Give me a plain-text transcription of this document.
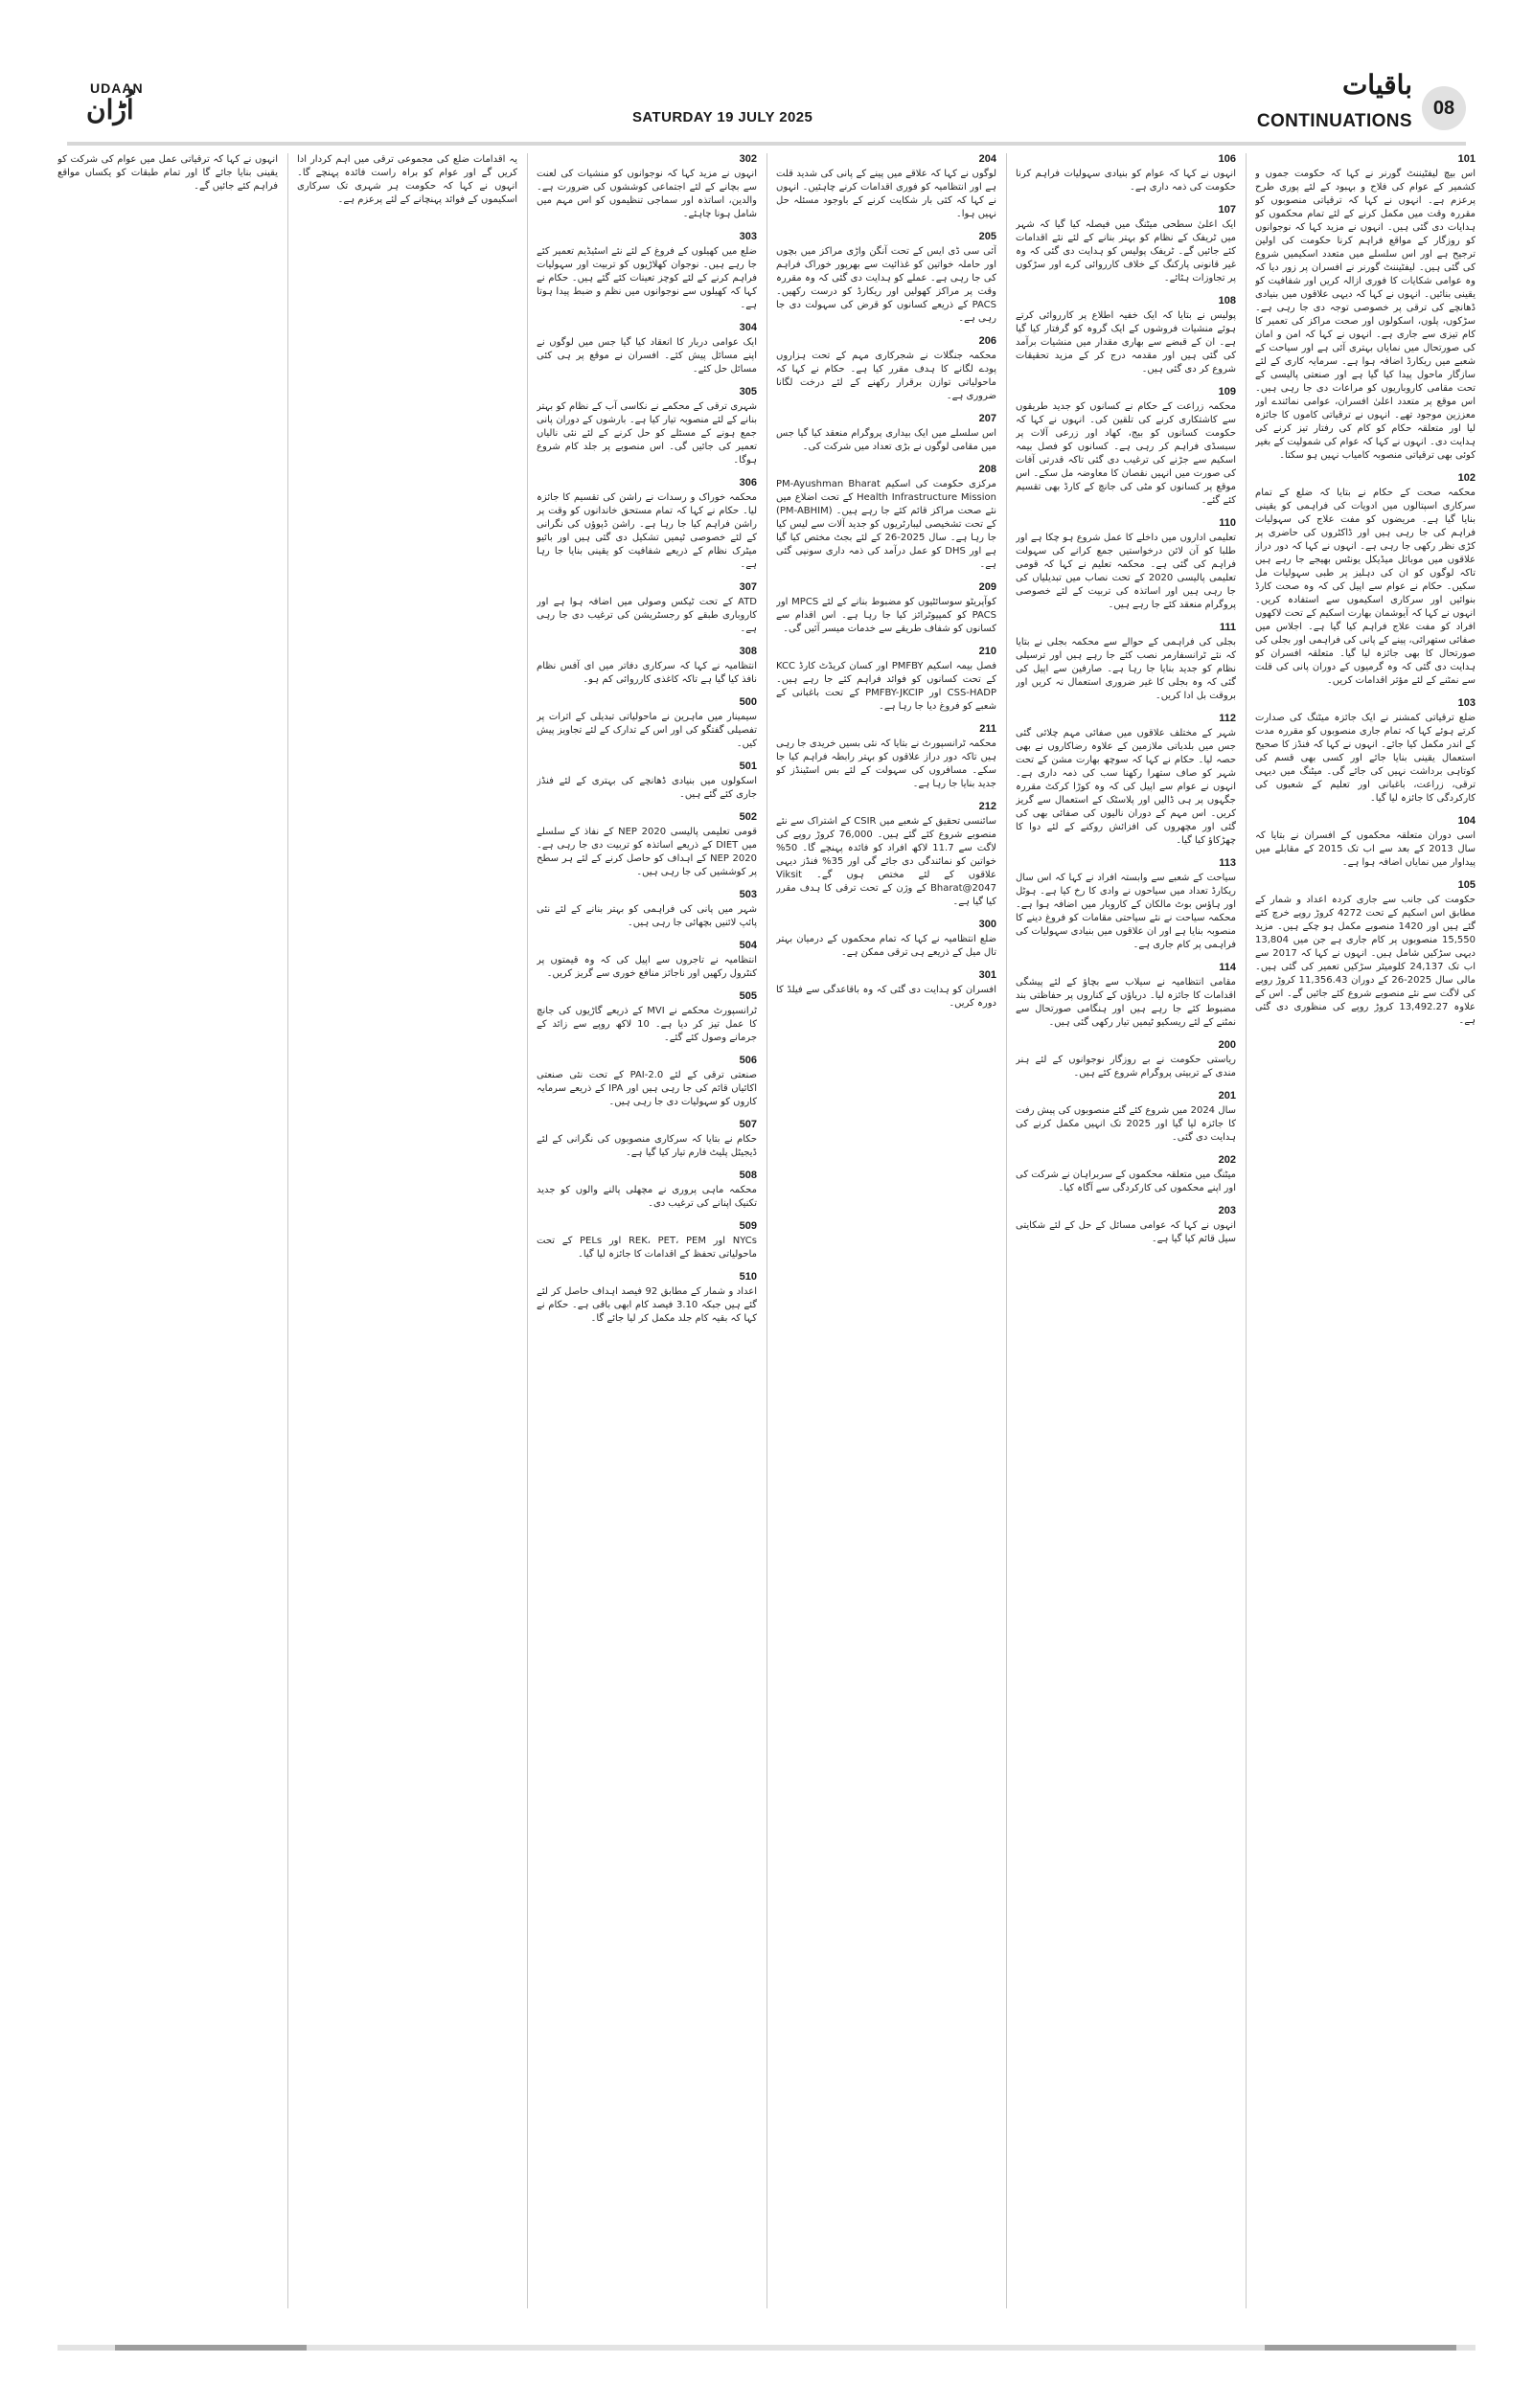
UDAAN
اُڑان	SATURDAY 19 JULY 2025
باقیات
CONTINUATIONS
08
101

اس بیچ لیفٹیننٹ گورنر نے کہا کہ حکومت جموں و کشمیر کے عوام کی فلاح و بہبود کے لئے پوری طرح پرعزم ہے۔ انہوں نے کہا کہ ترقیاتی منصوبوں کو مقررہ وقت میں مکمل کرنے کے لئے تمام محکموں کو ہدایات دی گئی ہیں۔ انہوں نے مزید کہا کہ نوجوانوں کو روزگار کے مواقع فراہم کرنا حکومت کی اولین ترجیح ہے اور اس سلسلے میں متعدد اسکیمیں شروع کی گئی ہیں۔ لیفٹیننٹ گورنر نے افسران پر زور دیا کہ وہ عوامی شکایات کا فوری ازالہ کریں اور شفافیت کو یقینی بنائیں۔ انہوں نے کہا کہ دیہی علاقوں میں بنیادی ڈھانچے کی ترقی پر خصوصی توجہ دی جا رہی ہے۔ سڑکوں، پلوں، اسکولوں اور صحت مراکز کی تعمیر کا کام تیزی سے جاری ہے۔ انہوں نے کہا کہ امن و امان کی صورتحال میں نمایاں بہتری آئی ہے اور سیاحت کے شعبے میں ریکارڈ اضافہ ہوا ہے۔ سرمایہ کاری کے لئے سازگار ماحول پیدا کیا گیا ہے اور صنعتی پالیسی کے تحت مقامی کاروباریوں کو مراعات دی جا رہی ہیں۔ اس موقع پر متعدد اعلیٰ افسران، عوامی نمائندے اور معززین موجود تھے۔ انہوں نے ترقیاتی کاموں کا جائزہ لیا اور متعلقہ حکام کو کام کی رفتار تیز کرنے کی ہدایت دی۔ انہوں نے کہا کہ عوام کی شمولیت کے بغیر کوئی بھی ترقیاتی منصوبہ کامیاب نہیں ہو سکتا۔

102

محکمہ صحت کے حکام نے بتایا کہ ضلع کے تمام سرکاری اسپتالوں میں ادویات کی فراہمی کو یقینی بنایا گیا ہے۔ مریضوں کو مفت علاج کی سہولیات فراہم کی جا رہی ہیں اور ڈاکٹروں کی حاضری پر کڑی نظر رکھی جا رہی ہے۔ انہوں نے کہا کہ دور دراز علاقوں میں موبائل میڈیکل یونٹس بھیجے جا رہے ہیں تاکہ لوگوں کو ان کی دہلیز پر طبی سہولیات مل سکیں۔ حکام نے عوام سے اپیل کی کہ وہ صحت کارڈ بنوائیں اور سرکاری اسکیموں سے استفادہ کریں۔ انہوں نے کہا کہ آیوشمان بھارت اسکیم کے تحت لاکھوں افراد کو مفت علاج فراہم کیا گیا ہے۔ اجلاس میں صفائی ستھرائی، پینے کے پانی کی فراہمی اور بجلی کی صورتحال کا بھی جائزہ لیا گیا۔ متعلقہ افسران کو ہدایت دی گئی کہ وہ گرمیوں کے دوران پانی کی قلت سے نمٹنے کے لئے مؤثر اقدامات کریں۔

103

ضلع ترقیاتی کمشنر نے ایک جائزہ میٹنگ کی صدارت کرتے ہوئے کہا کہ تمام جاری منصوبوں کو مقررہ مدت کے اندر مکمل کیا جائے۔ انہوں نے کہا کہ فنڈز کا صحیح استعمال یقینی بنایا جائے اور کسی بھی قسم کی کوتاہی برداشت نہیں کی جائے گی۔ میٹنگ میں دیہی ترقی، زراعت، باغبانی اور تعلیم کے شعبوں کی کارکردگی کا جائزہ لیا گیا۔

104

اسی دوران متعلقہ محکموں کے افسران نے بتایا کہ سال 2013 کے بعد سے اب تک 2015 کے مقابلے میں پیداوار میں نمایاں اضافہ ہوا ہے۔

105

حکومت کی جانب سے جاری کردہ اعداد و شمار کے مطابق اس اسکیم کے تحت 4272 کروڑ روپے خرچ کئے گئے ہیں اور 1420 منصوبے مکمل ہو چکے ہیں۔ مزید 15,550 منصوبوں پر کام جاری ہے جن میں 13,804 دیہی سڑکیں شامل ہیں۔ انہوں نے کہا کہ 2017 سے اب تک 24,137 کلومیٹر سڑکیں تعمیر کی گئی ہیں۔ مالی سال 2025-26 کے دوران 11,356.43 کروڑ روپے کی لاگت سے نئے منصوبے شروع کئے جائیں گے۔ اس کے علاوہ 13,492.27 کروڑ روپے کی منظوری دی گئی ہے۔

106

انہوں نے کہا کہ عوام کو بنیادی سہولیات فراہم کرنا حکومت کی ذمہ داری ہے۔

107

ایک اعلیٰ سطحی میٹنگ میں فیصلہ کیا گیا کہ شہر میں ٹریفک کے نظام کو بہتر بنانے کے لئے نئے اقدامات کئے جائیں گے۔ ٹریفک پولیس کو ہدایت دی گئی کہ وہ غیر قانونی پارکنگ کے خلاف کارروائی کرے اور سڑکوں پر تجاوزات ہٹائے۔

108

پولیس نے بتایا کہ ایک خفیہ اطلاع پر کارروائی کرتے ہوئے منشیات فروشوں کے ایک گروہ کو گرفتار کیا گیا ہے۔ ان کے قبضے سے بھاری مقدار میں منشیات برآمد کی گئی ہیں اور مقدمہ درج کر کے مزید تحقیقات شروع کر دی گئی ہیں۔

109

محکمہ زراعت کے حکام نے کسانوں کو جدید طریقوں سے کاشتکاری کرنے کی تلقین کی۔ انہوں نے کہا کہ حکومت کسانوں کو بیج، کھاد اور زرعی آلات پر سبسڈی فراہم کر رہی ہے۔ کسانوں کو فصل بیمہ اسکیم سے جڑنے کی ترغیب دی گئی تاکہ قدرتی آفات کی صورت میں انہیں نقصان کا معاوضہ مل سکے۔ اس موقع پر کسانوں کو مٹی کی جانچ کے کارڈ بھی تقسیم کئے گئے۔

110

تعلیمی اداروں میں داخلے کا عمل شروع ہو چکا ہے اور طلبا کو آن لائن درخواستیں جمع کرانے کی سہولت فراہم کی گئی ہے۔ محکمہ تعلیم نے کہا کہ قومی تعلیمی پالیسی 2020 کے تحت نصاب میں تبدیلیاں کی جا رہی ہیں اور اساتذہ کی تربیت کے لئے خصوصی پروگرام منعقد کئے جا رہے ہیں۔

111

بجلی کی فراہمی کے حوالے سے محکمہ بجلی نے بتایا کہ نئے ٹرانسفارمر نصب کئے جا رہے ہیں اور ترسیلی نظام کو جدید بنایا جا رہا ہے۔ صارفین سے اپیل کی گئی کہ وہ بجلی کا غیر ضروری استعمال نہ کریں اور بروقت بل ادا کریں۔

112

شہر کے مختلف علاقوں میں صفائی مہم چلائی گئی جس میں بلدیاتی ملازمین کے علاوہ رضاکاروں نے بھی حصہ لیا۔ حکام نے کہا کہ سوچھ بھارت مشن کے تحت شہر کو صاف ستھرا رکھنا سب کی ذمہ داری ہے۔ انہوں نے عوام سے اپیل کی کہ وہ کوڑا کرکٹ مقررہ جگہوں پر ہی ڈالیں اور پلاسٹک کے استعمال سے گریز کریں۔ اس مہم کے دوران نالیوں کی صفائی بھی کی گئی اور مچھروں کی افزائش روکنے کے لئے دوا کا چھڑکاؤ کیا گیا۔

113

سیاحت کے شعبے سے وابستہ افراد نے کہا کہ اس سال ریکارڈ تعداد میں سیاحوں نے وادی کا رخ کیا ہے۔ ہوٹل اور ہاؤس بوٹ مالکان کے کاروبار میں اضافہ ہوا ہے۔ محکمہ سیاحت نے نئے سیاحتی مقامات کو فروغ دینے کا منصوبہ بنایا ہے اور ان علاقوں میں بنیادی سہولیات کی فراہمی پر کام جاری ہے۔

114

مقامی انتظامیہ نے سیلاب سے بچاؤ کے لئے پیشگی اقدامات کا جائزہ لیا۔ دریاؤں کے کناروں پر حفاظتی بند مضبوط کئے جا رہے ہیں اور ہنگامی صورتحال سے نمٹنے کے لئے ریسکیو ٹیمیں تیار رکھی گئی ہیں۔

200

ریاستی حکومت نے بے روزگار نوجوانوں کے لئے ہنر مندی کے تربیتی پروگرام شروع کئے ہیں۔

201

سال 2024 میں شروع کئے گئے منصوبوں کی پیش رفت کا جائزہ لیا گیا اور 2025 تک انہیں مکمل کرنے کی ہدایت دی گئی۔

202

میٹنگ میں متعلقہ محکموں کے سربراہان نے شرکت کی اور اپنے محکموں کی کارکردگی سے آگاہ کیا۔

203

انہوں نے کہا کہ عوامی مسائل کے حل کے لئے شکایتی سیل قائم کیا گیا ہے۔

204

لوگوں نے کہا کہ علاقے میں پینے کے پانی کی شدید قلت ہے اور انتظامیہ کو فوری اقدامات کرنے چاہئیں۔ انہوں نے کہا کہ کئی بار شکایت کرنے کے باوجود مسئلہ حل نہیں ہوا۔

205

آئی سی ڈی ایس کے تحت آنگن واڑی مراکز میں بچوں اور حاملہ خواتین کو غذائیت سے بھرپور خوراک فراہم کی جا رہی ہے۔ عملے کو ہدایت دی گئی کہ وہ مقررہ وقت پر مراکز کھولیں اور ریکارڈ کو درست رکھیں۔ PACS کے ذریعے کسانوں کو قرض کی سہولت دی جا رہی ہے۔

206

محکمہ جنگلات نے شجرکاری مہم کے تحت ہزاروں پودے لگانے کا ہدف مقرر کیا ہے۔ حکام نے کہا کہ ماحولیاتی توازن برقرار رکھنے کے لئے درخت لگانا ضروری ہے۔

207

اس سلسلے میں ایک بیداری پروگرام منعقد کیا گیا جس میں مقامی لوگوں نے بڑی تعداد میں شرکت کی۔

208

مرکزی حکومت کی اسکیم PM-Ayushman Bharat Health Infrastructure Mission کے تحت اضلاع میں نئے صحت مراکز قائم کئے جا رہے ہیں۔ (PM-ABHIM) کے تحت تشخیصی لیبارٹریوں کو جدید آلات سے لیس کیا جا رہا ہے۔ سال 2025-26 کے لئے بجٹ مختص کیا گیا ہے اور DHS کو عمل درآمد کی ذمہ داری سونپی گئی ہے۔

209

کوآپریٹو سوسائٹیوں کو مضبوط بنانے کے لئے MPCS اور PACS کو کمپیوٹرائز کیا جا رہا ہے۔ اس اقدام سے کسانوں کو شفاف طریقے سے خدمات میسر آئیں گی۔

210

فصل بیمہ اسکیم PMFBY اور کسان کریڈٹ کارڈ KCC کے تحت کسانوں کو فوائد فراہم کئے جا رہے ہیں۔ CSS-HADP اور PMFBY-JKCIP کے تحت باغبانی کے شعبے کو فروغ دیا جا رہا ہے۔

211

محکمہ ٹرانسپورٹ نے بتایا کہ نئی بسیں خریدی جا رہی ہیں تاکہ دور دراز علاقوں کو بہتر رابطہ فراہم کیا جا سکے۔ مسافروں کی سہولت کے لئے بس اسٹینڈز کو جدید بنایا جا رہا ہے۔

212

سائنسی تحقیق کے شعبے میں CSIR کے اشتراک سے نئے منصوبے شروع کئے گئے ہیں۔ 76,000 کروڑ روپے کی لاگت سے 11.7 لاکھ افراد کو فائدہ پہنچے گا۔ 50% خواتین کو نمائندگی دی جائے گی اور 35% فنڈز دیہی علاقوں کے لئے مختص ہوں گے۔ Viksit Bharat@2047 کے وژن کے تحت ترقی کا ہدف مقرر کیا گیا ہے۔

300

ضلع انتظامیہ نے کہا کہ تمام محکموں کے درمیان بہتر تال میل کے ذریعے ہی ترقی ممکن ہے۔

301

افسران کو ہدایت دی گئی کہ وہ باقاعدگی سے فیلڈ کا دورہ کریں۔

302

انہوں نے مزید کہا کہ نوجوانوں کو منشیات کی لعنت سے بچانے کے لئے اجتماعی کوششوں کی ضرورت ہے۔ والدین، اساتذہ اور سماجی تنظیموں کو اس مہم میں شامل ہونا چاہئے۔

303

ضلع میں کھیلوں کے فروغ کے لئے نئے اسٹیڈیم تعمیر کئے جا رہے ہیں۔ نوجوان کھلاڑیوں کو تربیت اور سہولیات فراہم کرنے کے لئے کوچز تعینات کئے گئے ہیں۔ حکام نے کہا کہ کھیلوں سے نوجوانوں میں نظم و ضبط پیدا ہوتا ہے۔

304

ایک عوامی دربار کا انعقاد کیا گیا جس میں لوگوں نے اپنے مسائل پیش کئے۔ افسران نے موقع پر ہی کئی مسائل حل کئے۔

305

شہری ترقی کے محکمے نے نکاسی آب کے نظام کو بہتر بنانے کے لئے منصوبہ تیار کیا ہے۔ بارشوں کے دوران پانی جمع ہونے کے مسئلے کو حل کرنے کے لئے نئی نالیاں تعمیر کی جائیں گی۔ اس منصوبے پر جلد کام شروع ہوگا۔

306

محکمہ خوراک و رسدات نے راشن کی تقسیم کا جائزہ لیا۔ حکام نے کہا کہ تمام مستحق خاندانوں کو وقت پر راشن فراہم کیا جا رہا ہے۔ راشن ڈپوؤں کی نگرانی کے لئے خصوصی ٹیمیں تشکیل دی گئی ہیں اور بائیو میٹرک نظام کے ذریعے شفافیت کو یقینی بنایا جا رہا ہے۔

307

ATD کے تحت ٹیکس وصولی میں اضافہ ہوا ہے اور کاروباری طبقے کو رجسٹریشن کی ترغیب دی جا رہی ہے۔

308

انتظامیہ نے کہا کہ سرکاری دفاتر میں ای آفس نظام نافذ کیا گیا ہے تاکہ کاغذی کارروائی کم ہو۔

500

سیمینار میں ماہرین نے ماحولیاتی تبدیلی کے اثرات پر تفصیلی گفتگو کی اور اس کے تدارک کے لئے تجاویز پیش کیں۔

501

اسکولوں میں بنیادی ڈھانچے کی بہتری کے لئے فنڈز جاری کئے گئے ہیں۔

502

قومی تعلیمی پالیسی NEP 2020 کے نفاذ کے سلسلے میں DIET کے ذریعے اساتذہ کو تربیت دی جا رہی ہے۔ NEP 2020 کے اہداف کو حاصل کرنے کے لئے ہر سطح پر کوششیں کی جا رہی ہیں۔

503

شہر میں پانی کی فراہمی کو بہتر بنانے کے لئے نئی پائپ لائنیں بچھائی جا رہی ہیں۔

504

انتظامیہ نے تاجروں سے اپیل کی کہ وہ قیمتوں پر کنٹرول رکھیں اور ناجائز منافع خوری سے گریز کریں۔

505

ٹرانسپورٹ محکمے نے MVI کے ذریعے گاڑیوں کی جانچ کا عمل تیز کر دیا ہے۔ 10 لاکھ روپے سے زائد کے جرمانے وصول کئے گئے۔

506

صنعتی ترقی کے لئے PAI-2.0 کے تحت نئی صنعتی اکائیاں قائم کی جا رہی ہیں اور IPA کے ذریعے سرمایہ کاروں کو سہولیات دی جا رہی ہیں۔

507

حکام نے بتایا کہ سرکاری منصوبوں کی نگرانی کے لئے ڈیجیٹل پلیٹ فارم تیار کیا گیا ہے۔

508

محکمہ ماہی پروری نے مچھلی پالنے والوں کو جدید تکنیک اپنانے کی ترغیب دی۔

509

NYCs اور REK، PET، PEM اور PELs کے تحت ماحولیاتی تحفظ کے اقدامات کا جائزہ لیا گیا۔

510

اعداد و شمار کے مطابق 92 فیصد اہداف حاصل کر لئے گئے ہیں جبکہ 3.10 فیصد کام ابھی باقی ہے۔ حکام نے کہا کہ بقیہ کام جلد مکمل کر لیا جائے گا۔

یہ اقدامات ضلع کی مجموعی ترقی میں اہم کردار ادا کریں گے اور عوام کو براہ راست فائدہ پہنچے گا۔ انہوں نے کہا کہ حکومت ہر شہری تک سرکاری اسکیموں کے فوائد پہنچانے کے لئے پرعزم ہے۔

انہوں نے کہا کہ ترقیاتی عمل میں عوام کی شرکت کو یقینی بنایا جائے گا اور تمام طبقات کو یکساں مواقع فراہم کئے جائیں گے۔
